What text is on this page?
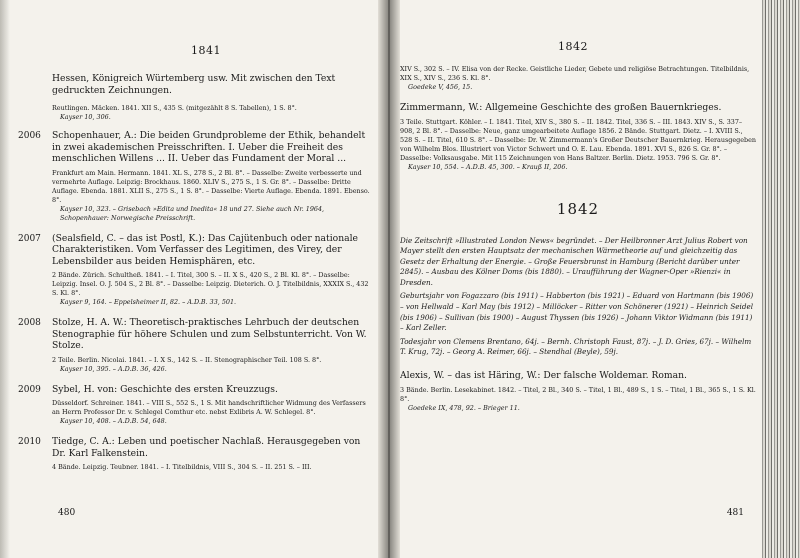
1841

Hessen, Königreich Würtemberg usw. Mit zwischen den Text gedruckten Zeichnungen.

Reutlingen. Mäcken. 1841. XII S., 435 S. (mitgezählt 8 S. Tabellen), 1 S. 8°.

Kayser 10, 306.

2006 Schopenhauer, A.: Die beiden Grundprobleme der Ethik, behandelt in zwei akademischen Preisschriften. I. Ueber die Freiheit des menschlichen Willens ... II. Ueber das Fundament der Moral ...

Frankfurt am Main. Hermann. 1841. XL S., 278 S., 2 Bl. 8°. – Dasselbe: Zweite verbesserte und vermehrte Auflage. Leipzig: Brockhaus. 1860. XLIV S., 275 S., 1 S. Gr. 8°. – Dasselbe: Dritte Auflage. Ebenda. 1881. XLII S., 275 S., 1 S. 8°. – Dasselbe: Vierte Auflage. Ebenda. 1891. Ebenso. 8°.

Kayser 10, 323. – Grisebach »Edita und Inedita« 18 und 27. Siehe auch Nr. 1964, Schopenhauer: Norwegische Preisschrift.

2007 (Sealsfield, C. – das ist Postl, K.): Das Cajütenbuch oder nationale Charakteristiken. Vom Verfasser des Legitimen, des Virey, der Lebensbilder aus beiden Hemisphären, etc.

2 Bände. Zürich. Schultheß. 1841. – I. Titel, 300 S. – II. X S., 420 S., 2 Bl. Kl. 8°. – Dasselbe: Leipzig. Insel. O. J. 504 S., 2 Bl. 8°. – Dasselbe: Leipzig. Dieterich. O. J. Titelbildnis, XXXIX S., 432 S. Kl. 8°.

Kayser 9, 164. – Eppelsheimer II, 82. – A.D.B. 33, 501.

2008 Stolze, H. A. W.: Theoretisch-praktisches Lehrbuch der deutschen Stenographie für höhere Schulen und zum Selbstunterricht. Von W. Stolze.

2 Teile. Berlin. Nicolai. 1841. – I. X S., 142 S. – II. Stenographischer Teil. 108 S. 8°.

Kayser 10, 395. – A.D.B. 36, 426.

2009 Sybel, H. von: Geschichte des ersten Kreuzzugs.

Düsseldorf. Schreiner. 1841. – VIII S., 552 S., 1 S. Mit handschriftlicher Widmung des Verfassers an Herrn Professor Dr. v. Schlegel Comthur etc. nebst Exlibris A. W. Schlegel. 8°.

Kayser 10, 408. – A.D.B. 54, 648.

2010 Tiedge, C. A.: Leben und poetischer Nachlaß. Herausgegeben von Dr. Karl Falkenstein.

4 Bände. Leipzig. Teubner. 1841. – I. Titelbildnis, VIII S., 304 S. – II. 251 S. – III.

480

1842

XIV S., 302 S. – IV. Elisa von der Recke. Geistliche Lieder, Gebete und religiöse Betrachtungen. Titelbildnis, XIX S., XIV S., 236 S. Kl. 8°.

Goedeke V, 456, 15.

Zimmermann, W.: Allgemeine Geschichte des großen Bauernkrieges.

3 Teile. Stuttgart. Köhler. – I. 1841. Titel, XIV S., 380 S. – II. 1842. Titel, 336 S. – III. 1843. XIV S., S. 337–908, 2 Bl. 8°. – Dasselbe: Neue, ganz umgearbeitete Auflage 1856. 2 Bände. Stuttgart. Dietz. – I. XVIII S., 528 S. – II. Titel, 610 S. 8°. – Dasselbe: Dr. W. Zimmermann's Großer Deutscher Bauernkrieg. Herausgegeben von Wilhelm Blos. Illustriert von Victor Schwert und O. E. Lau. Ebenda. 1891. XVI S., 826 S. Gr. 8°. – Dasselbe: Volksausgabe. Mit 115 Zeichnungen von Hans Baltzer. Berlin. Dietz. 1953. 796 S. Gr. 8°.

Kayser 10, 554. – A.D.B. 45, 300. – Krauß II, 206.

1842

Die Zeitschrift »Illustrated London News« begründet. – Der Heilbronner Arzt Julius Robert von Mayer stellt den ersten Hauptsatz der mechanischen Wärmetheorie auf und gleichzeitig das Gesetz der Erhaltung der Energie. – Große Feuersbrunst in Hamburg (Bericht darüber unter 2845). – Ausbau des Kölner Doms (bis 1880). – Uraufführung der Wagner-Oper »Rienzi« in Dresden.

Geburtsjahr von Fogazzaro (bis 1911) – Habberton (bis 1921) – Eduard von Hartmann (bis 1906) – von Hellwald – Karl May (bis 1912) – Millöcker – Ritter von Schönerer (1921) – Heinrich Seidel (bis 1906) – Sullivan (bis 1900) – August Thyssen (bis 1926) – Johann Viktor Widmann (bis 1911) – Karl Zeller.

Todesjahr von Clemens Brentano, 64j. – Bernh. Christoph Faust, 87j. – J. D. Gries, 67j. – Wilhelm T. Krug, 72j. – Georg A. Reimer, 66j. – Stendhal (Beyle), 59j.

Alexis, W. – das ist Häring, W.: Der falsche Woldemar. Roman.

3 Bände. Berlin. Lesekabinet. 1842. – Titel, 2 Bl., 340 S. – Titel, 1 Bl., 489 S., 1 S. – Titel, 1 Bl., 365 S., 1 S. Kl. 8°.

Goedeke IX, 478, 92. – Brieger 11.

481
